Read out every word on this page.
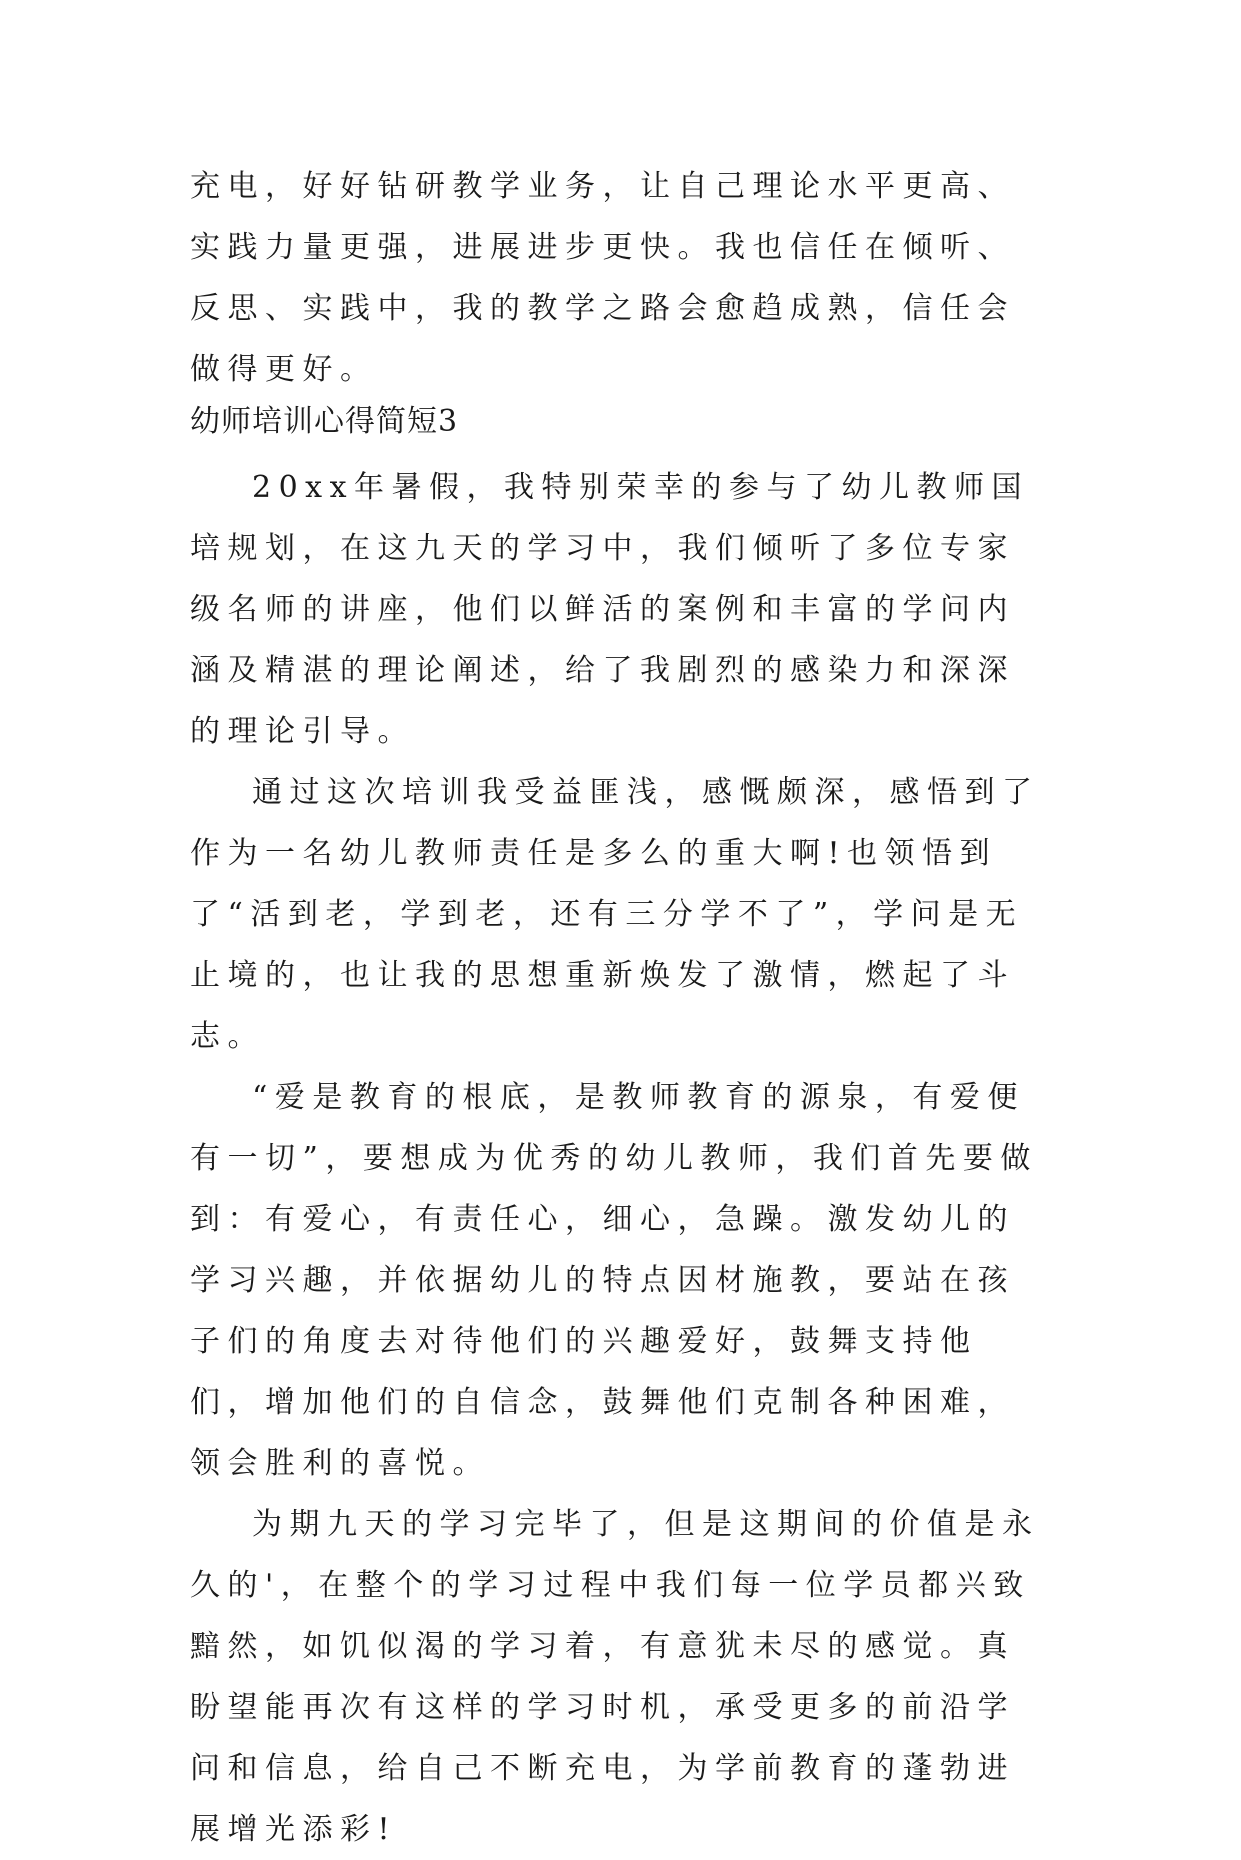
充电，好好钻研教学业务，让自己理论水平更高、实践力量更强，进展进步更快。我也信任在倾听、反思、实践中，我的教学之路会愈趋成熟，信任会做得更好。

幼师培训心得简短3

20xx年暑假，我特别荣幸的参与了幼儿教师国培规划，在这九天的学习中，我们倾听了多位专家级名师的讲座，他们以鲜活的案例和丰富的学问内涵及精湛的理论阐述，给了我剧烈的感染力和深深的理论引导。

通过这次培训我受益匪浅，感慨颇深，感悟到了作为一名幼儿教师责任是多么的重大啊!也领悟到了“活到老，学到老，还有三分学不了”，学问是无止境的，也让我的思想重新焕发了激情，燃起了斗志。

“爱是教育的根底，是教师教育的源泉，有爱便有一切”，要想成为优秀的幼儿教师，我们首先要做到：有爱心，有责任心，细心，急躁。激发幼儿的学习兴趣，并依据幼儿的特点因材施教，要站在孩子们的角度去对待他们的兴趣爱好，鼓舞支持他们，增加他们的自信念，鼓舞他们克制各种困难，领会胜利的喜悦。

为期九天的学习完毕了，但是这期间的价值是永久的'，在整个的学习过程中我们每一位学员都兴致黯然，如饥似渴的学习着，有意犹未尽的感觉。真盼望能再次有这样的学习时机，承受更多的前沿学问和信息，给自己不断充电，为学前教育的蓬勃进展增光添彩!
